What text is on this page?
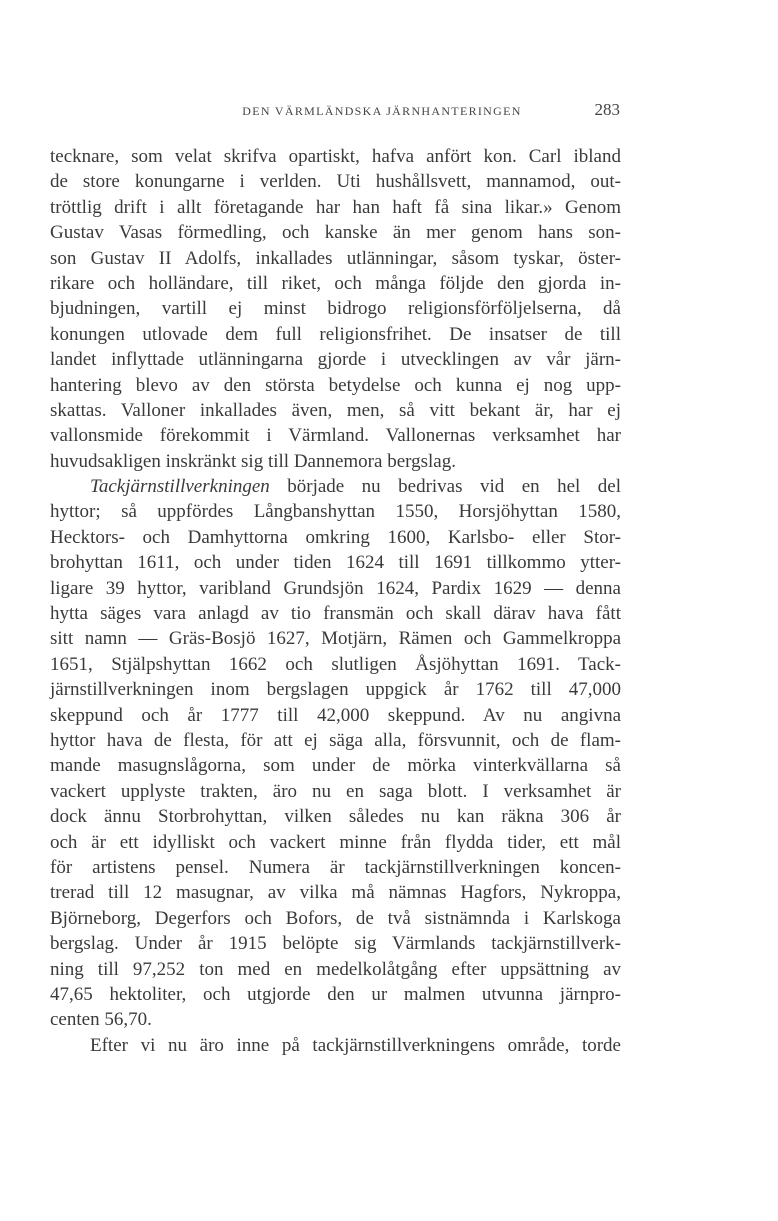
DEN VÄRMLÄNDSKA JÄRNHANTERINGEN	283
tecknare, som velat skrifva opartiskt, hafva anfört kon. Carl ibland
de store konungarne i verlden. Uti hushållsvett, mannamod, out-
tröttlig drift i allt företagande har han haft få sina likar.» Genom
Gustav Vasas förmedling, och kanske än mer genom hans son-
son Gustav II Adolfs, inkallades utlänningar, såsom tyskar, öster-
rikare och holländare, till riket, och många följde den gjorda in-
bjudningen, vartill ej minst bidrogo religionsförföljelserna, då
konungen utlovade dem full religionsfrihet. De insatser de till
landet inflyttade utlänningarna gjorde i utvecklingen av vår järn-
hantering blevo av den största betydelse och kunna ej nog upp-
skattas. Valloner inkallades även, men, så vitt bekant är, har ej
vallonsmide förekommit i Värmland. Vallonernas verksamhet har
huvudsakligen inskränkt sig till Dannemora bergslag.
Tackjärnstillverkningen började nu bedrivas vid en hel del
hyttor; så uppfördes Långbanshyttan 1550, Horsjöhyttan 1580,
Hecktors- och Damhyttorna omkring 1600, Karlsbo- eller Stor-
brohyttan 1611, och under tiden 1624 till 1691 tillkommo ytter-
ligare 39 hyttor, varibland Grundsjön 1624, Pardix 1629 — denna
hytta säges vara anlagd av tio fransmän och skall därav hava fått
sitt namn — Gräs-Bosjö 1627, Motjärn, Rämen och Gammelkroppa
1651, Stjälpshyttan 1662 och slutligen Åsjöhyttan 1691. Tack-
järnstillverkningen inom bergslagen uppgick år 1762 till 47,000
skeppund och år 1777 till 42,000 skeppund. Av nu angivna
hyttor hava de flesta, för att ej säga alla, försvunnit, och de flam-
mande masugnslågorna, som under de mörka vinterkvällarna så
vackert upplyste trakten, äro nu en saga blott. I verksamhet är
dock ännu Storbrohyttan, vilken således nu kan räkna 306 år
och är ett idylliskt och vackert minne från flydda tider, ett mål
för artistens pensel. Numera är tackjärnstillverkningen koncen-
trerad till 12 masugnar, av vilka må nämnas Hagfors, Nykroppa,
Björneborg, Degerfors och Bofors, de två sistnämnda i Karlskoga
bergslag. Under år 1915 belöpte sig Värmlands tackjärnstillverk-
ning till 97,252 ton med en medelkolåtgång efter uppsättning av
47,65 hektoliter, och utgjorde den ur malmen utvunna järnpro-
centen 56,70.
Efter vi nu äro inne på tackjärnstillverkningens område, torde
